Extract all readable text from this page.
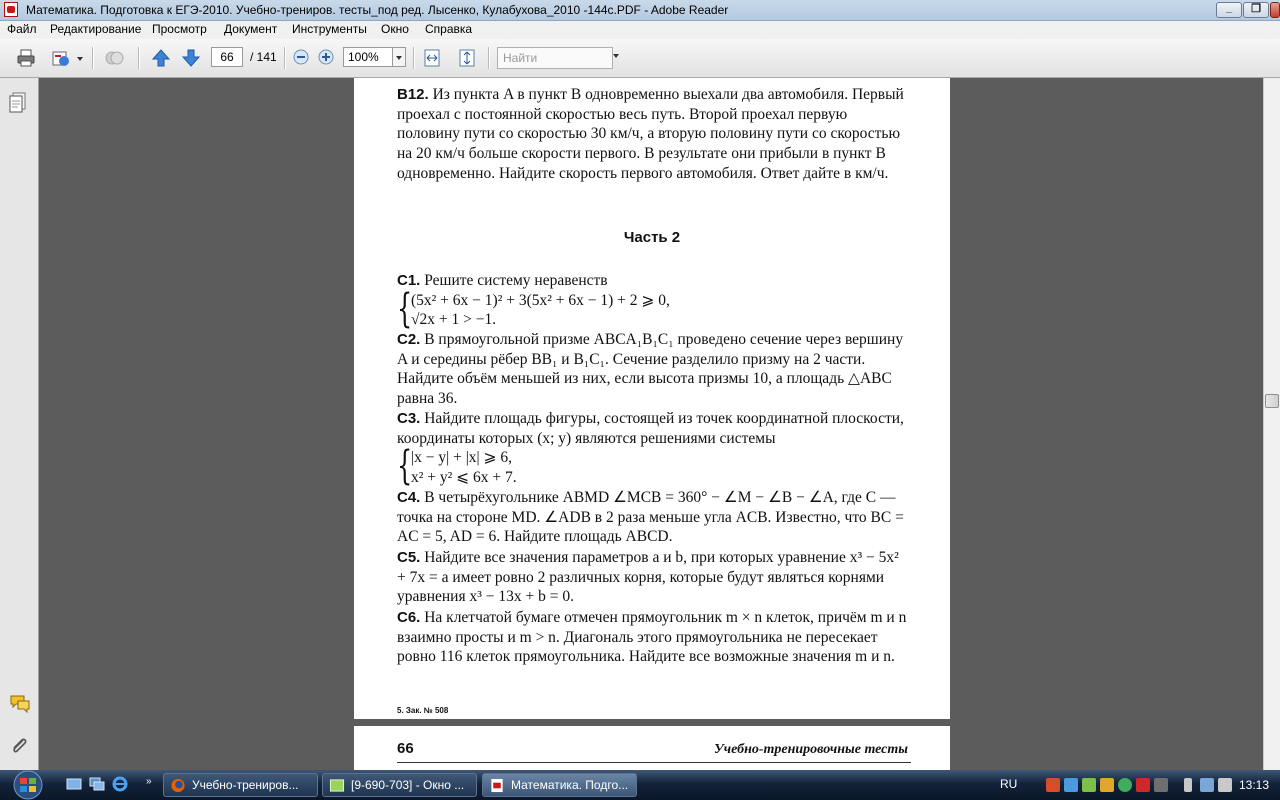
Математика. Подготовка к ЕГЭ-2010. Учебно-трениров. тесты_под ред. Лысенко, Кулабухова_2010 -144с.PDF - Adobe Reader	_	❐
Файл Редактирование Просмотр Документ Инструменты Окно Справка
66	/ 141	100%	Найти
B12. Из пункта A в пункт B одновременно выехали два автомобиля. Первый проехал с постоянной скоростью весь путь. Второй проехал первую половину пути со скоростью 30 км/ч, а вторую половину пути со скоростью на 20 км/ч больше скорости первого. В результате они прибыли в пункт B одновременно. Найдите скорость первого автомобиля. Ответ дайте в км/ч.
Часть 2
C1. Решите систему неравенств
{
(5x² + 6x − 1)² + 3(5x² + 6x − 1) + 2 ⩾ 0,
√2x + 1 > −1.
C2. В прямоугольной призме ABCA₁B₁C₁ проведено сечение через вершину A и середины рёбер BB₁ и B₁C₁. Сечение разделило призму на 2 части. Найдите объём меньшей из них, если высота призмы 10, а площадь △ABC равна 36.
C3. Найдите площадь фигуры, состоящей из точек координатной плоскости, координаты которых (x; y) являются решениями системы
{
|x − y| + |x| ⩾ 6,
x² + y² ⩽ 6x + 7.
C4. В четырёхугольнике ABMD ∠MCB = 360° − ∠M − ∠B − ∠A, где C — точка на стороне MD. ∠ADB в 2 раза меньше угла ACB. Известно, что BC = AC = 5, AD = 6. Найдите площадь ABCD.
C5. Найдите все значения параметров a и b, при которых уравнение x³ − 5x² + 7x = a имеет ровно 2 различных корня, которые будут являться корнями уравнения x³ − 13x + b = 0.
C6. На клетчатой бумаге отмечен прямоугольник m × n клеток, причём m и n взаимно просты и m > n. Диагональ этого прямоугольника не пересекает ровно 116 клеток прямоугольника. Найдите все возможные значения m и n.
5. Зак. № 508
66	Учебно-тренировочные тесты
»	Учебно-трениров...	[9-690-703] - Окно ...	Математика. Подго...	RU	13:13
